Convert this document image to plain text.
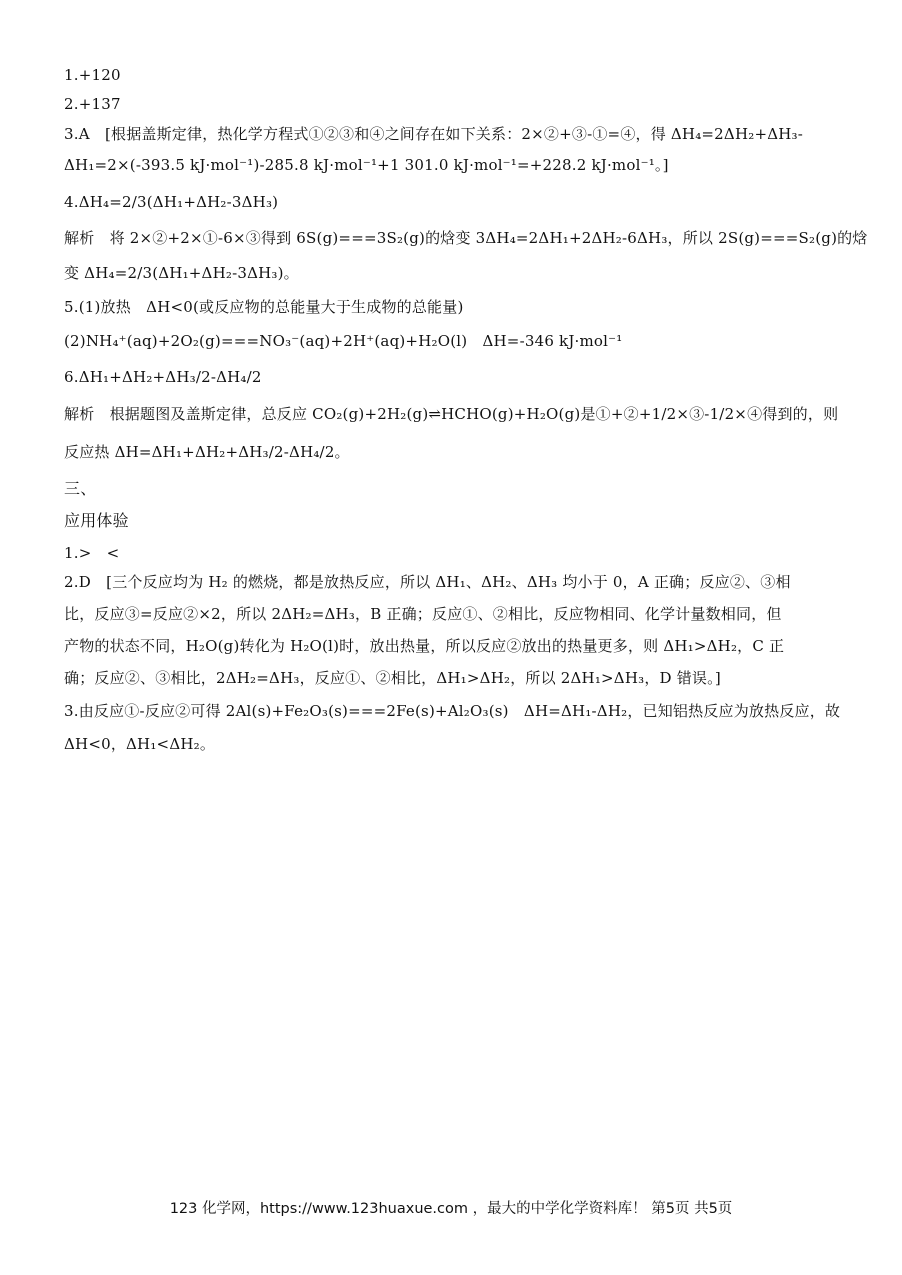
1.+120
2.+137
3.A　[根据盖斯定律，热化学方程式①②③和④之间存在如下关系：2×②+③-①=④，得 ΔH₄=2ΔH₂+ΔH₃-
ΔH₁=2×(-393.5 kJ·mol⁻¹)-285.8 kJ·mol⁻¹+1 301.0 kJ·mol⁻¹=+228.2 kJ·mol⁻¹。]
4.ΔH₄=2/3(ΔH₁+ΔH₂-3ΔH₃)
解析　将 2×②+2×①-6×③得到 6S(g)===3S₂(g)的焓变 3ΔH₄=2ΔH₁+2ΔH₂-6ΔH₃，所以 2S(g)===S₂(g)的焓
变 ΔH₄=2/3(ΔH₁+ΔH₂-3ΔH₃)。
5.(1)放热　ΔH<0(或反应物的总能量大于生成物的总能量)
(2)NH₄⁺(aq)+2O₂(g)===NO₃⁻(aq)+2H⁺(aq)+H₂O(l)　ΔH=-346 kJ·mol⁻¹
6.ΔH₁+ΔH₂+ΔH₃/2-ΔH₄/2
解析　根据题图及盖斯定律，总反应 CO₂(g)+2H₂(g)⇌HCHO(g)+H₂O(g)是①+②+1/2×③-1/2×④得到的，则
反应热 ΔH=ΔH₁+ΔH₂+ΔH₃/2-ΔH₄/2。
三、
应用体验
1.>　<
2.D　[三个反应均为 H₂ 的燃烧，都是放热反应，所以 ΔH₁、ΔH₂、ΔH₃ 均小于 0，A 正确；反应②、③相
比，反应③=反应②×2，所以 2ΔH₂=ΔH₃，B 正确；反应①、②相比，反应物相同、化学计量数相同，但
产物的状态不同，H₂O(g)转化为 H₂O(l)时，放出热量，所以反应②放出的热量更多，则 ΔH₁>ΔH₂，C 正
确；反应②、③相比，2ΔH₂=ΔH₃，反应①、②相比，ΔH₁>ΔH₂，所以 2ΔH₁>ΔH₃，D 错误。]
3.由反应①-反应②可得 2Al(s)+Fe₂O₃(s)===2Fe(s)+Al₂O₃(s)　ΔH=ΔH₁-ΔH₂，已知铝热反应为放热反应，故
ΔH<0，ΔH₁<ΔH₂。
123 化学网，https://www.123huaxue.com ，最大的中学化学资料库！ 第5页 共5页
